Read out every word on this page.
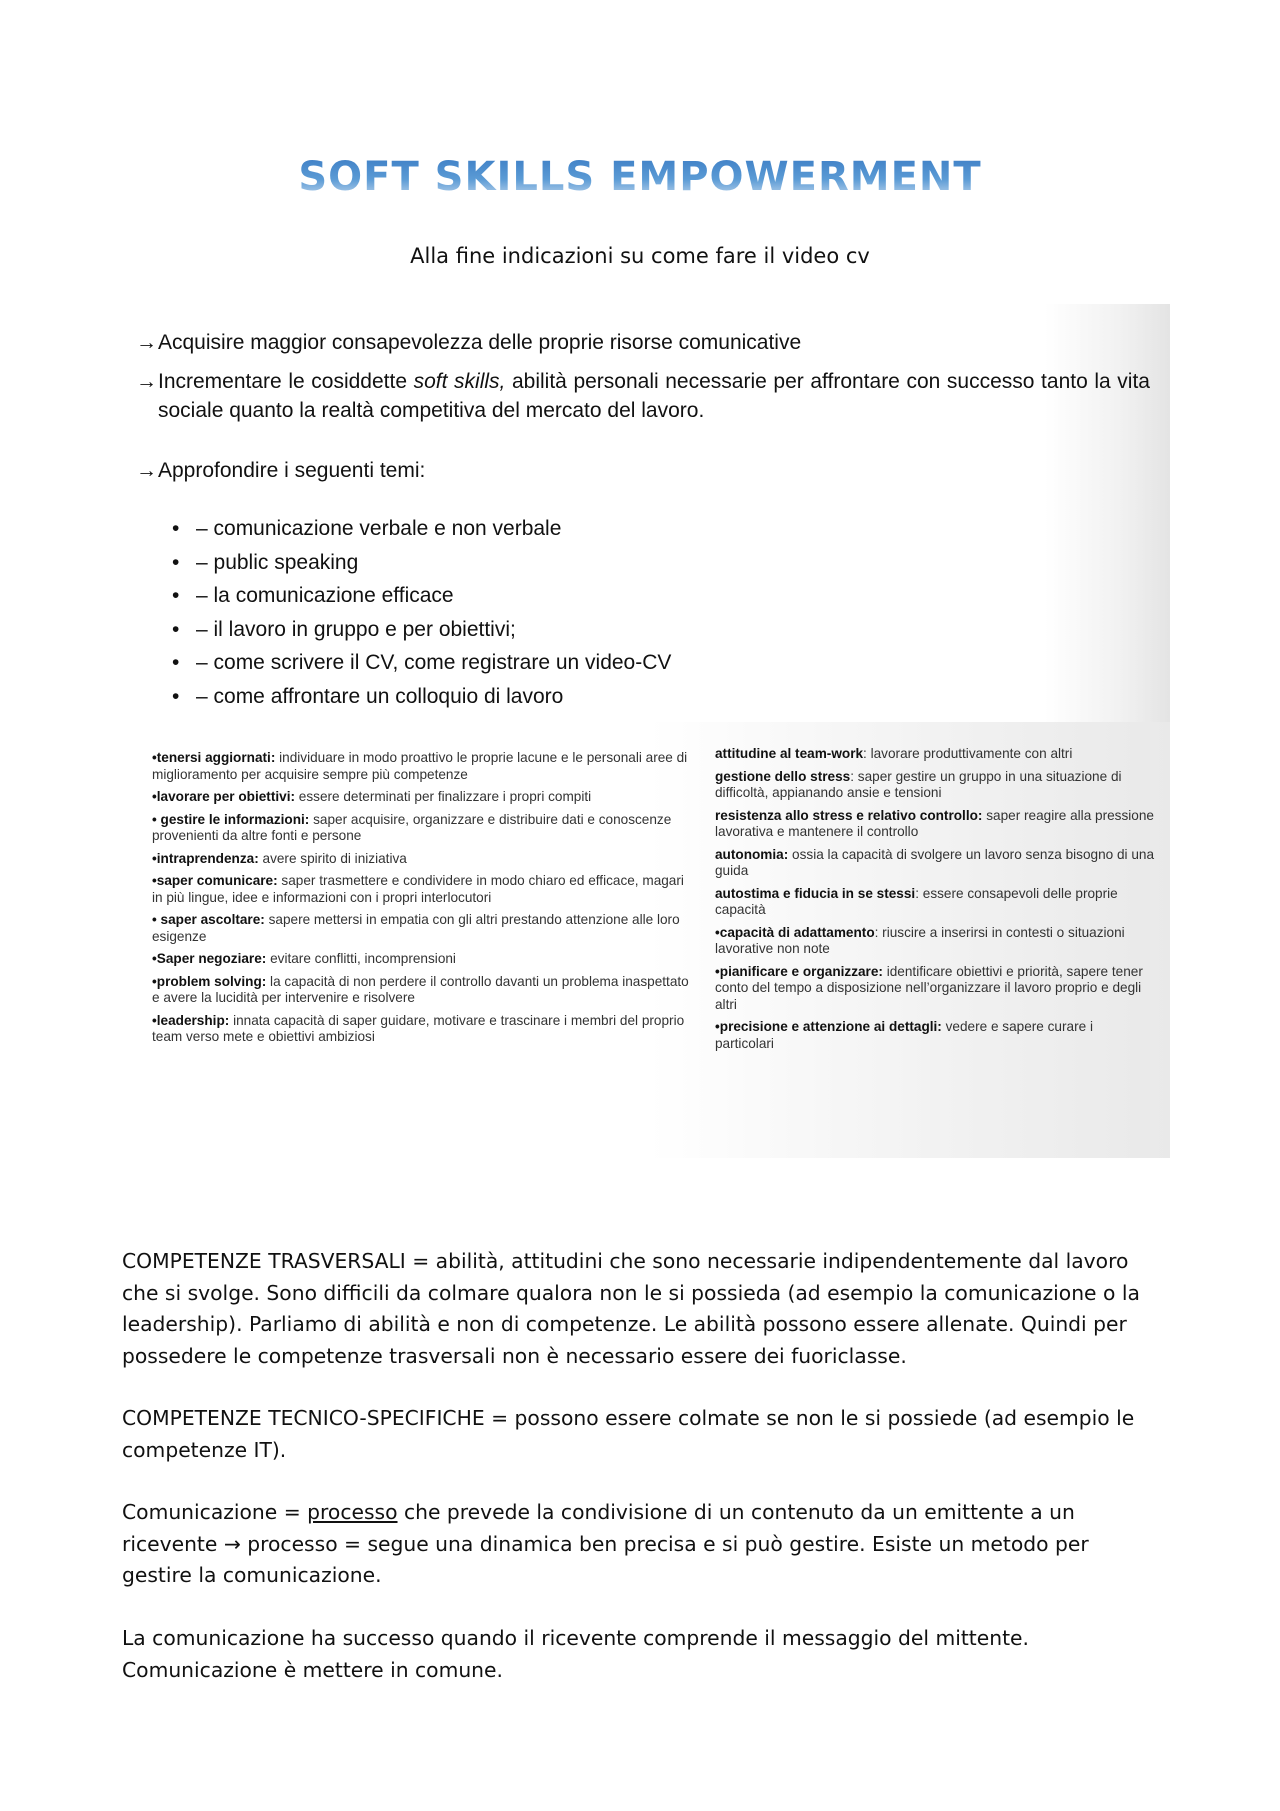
SOFT SKILLS EMPOWERMENT
Alla fine indicazioni su come fare il video cv
→ Acquisire maggior consapevolezza delle proprie risorse comunicative
→ Incrementare le cosiddette soft skills, abilità personali necessarie per affrontare con successo tanto la vita sociale quanto la realtà competitiva del mercato del lavoro.
→ Approfondire i seguenti temi:
• – comunicazione verbale e non verbale
• – public speaking
• – la comunicazione efficace
• – il lavoro in gruppo e per obiettivi;
• – come scrivere il CV, come registrare un video-CV
• – come affrontare un colloquio di lavoro

•tenersi aggiornati: individuare in modo proattivo le proprie lacune e le personali aree di miglioramento per acquisire sempre più competenze

•lavorare per obiettivi: essere determinati per finalizzare i propri compiti

• gestire le informazioni: saper acquisire, organizzare e distribuire dati e conoscenze provenienti da altre fonti e persone

•intraprendenza: avere spirito di iniziativa

•saper comunicare: saper trasmettere e condividere in modo chiaro ed efficace, magari in più lingue, idee e informazioni con i propri interlocutori

• saper ascoltare: sapere mettersi in empatia con gli altri prestando attenzione alle loro esigenze

•Saper negoziare: evitare conflitti, incomprensioni

•problem solving: la capacità di non perdere il controllo davanti un problema inaspettato e avere la lucidità per intervenire e risolvere

•leadership: innata capacità di saper guidare, motivare e trascinare i membri del proprio team verso mete e obiettivi ambiziosi

attitudine al team-work: lavorare produttivamente con altri

gestione dello stress: saper gestire un gruppo in una situazione di difficoltà, appianando ansie e tensioni

resistenza allo stress e relativo controllo: saper reagire alla pressione lavorativa e mantenere il controllo

autonomia: ossia la capacità di svolgere un lavoro senza bisogno di una guida

autostima e fiducia in se stessi: essere consapevoli delle proprie capacità

•capacità di adattamento: riuscire a inserirsi in contesti o situazioni lavorative non note

•pianificare e organizzare: identificare obiettivi e priorità, sapere tener conto del tempo a disposizione nell’organizzare il lavoro proprio e degli altri

•precisione e attenzione ai dettagli: vedere e sapere curare i particolari

COMPETENZE TRASVERSALI = abilità, attitudini che sono necessarie indipendentemente dal lavoro che si svolge. Sono difficili da colmare qualora non le si possieda (ad esempio la comunicazione o la leadership). Parliamo di abilità e non di competenze. Le abilità possono essere allenate. Quindi per possedere le competenze trasversali non è necessario essere dei fuoriclasse.

COMPETENZE TECNICO-SPECIFICHE = possono essere colmate se non le si possiede (ad esempio le competenze IT).

Comunicazione = processo che prevede la condivisione di un contenuto da un emittente a un ricevente → processo = segue una dinamica ben precisa e si può gestire. Esiste un metodo per gestire la comunicazione.

La comunicazione ha successo quando il ricevente comprende il messaggio del mittente.
Comunicazione è mettere in comune.
